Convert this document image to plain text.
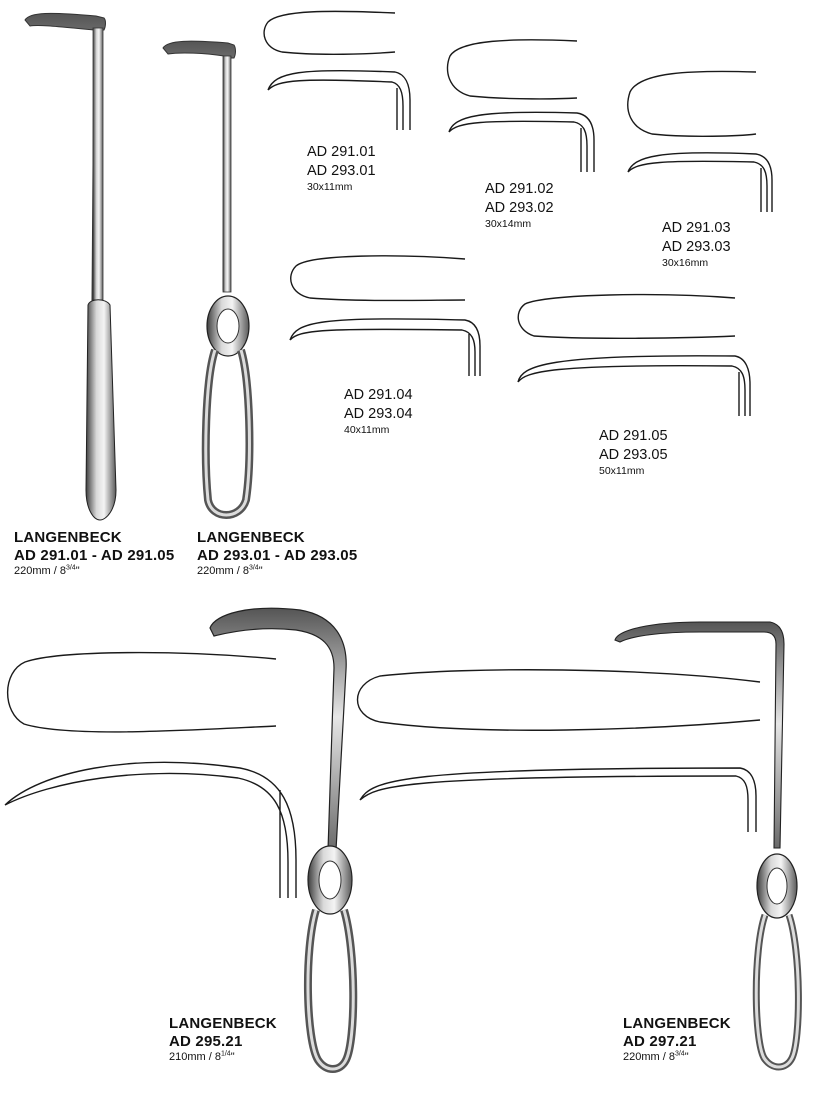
AD 291.01
AD 293.01
30x11mm	AD 291.02
AD 293.02
30x14mm	AD 291.03
AD 293.03
30x16mm
AD 291.04
AD 293.04
40x11mm	AD 291.05
AD 293.05
50x11mm
LANGENBECK
AD 291.01 - AD 291.05
$220mm / 8^{3/4}$"
LANGENBECK
AD 293.01 - AD 293.05
$220mm / 8^{3/4}$"
LANGENBECK
AD 295.21
$210mm / 8^{1/4}$"
LANGENBECK
AD 297.21
$220mm / 8^{3/4}$"
